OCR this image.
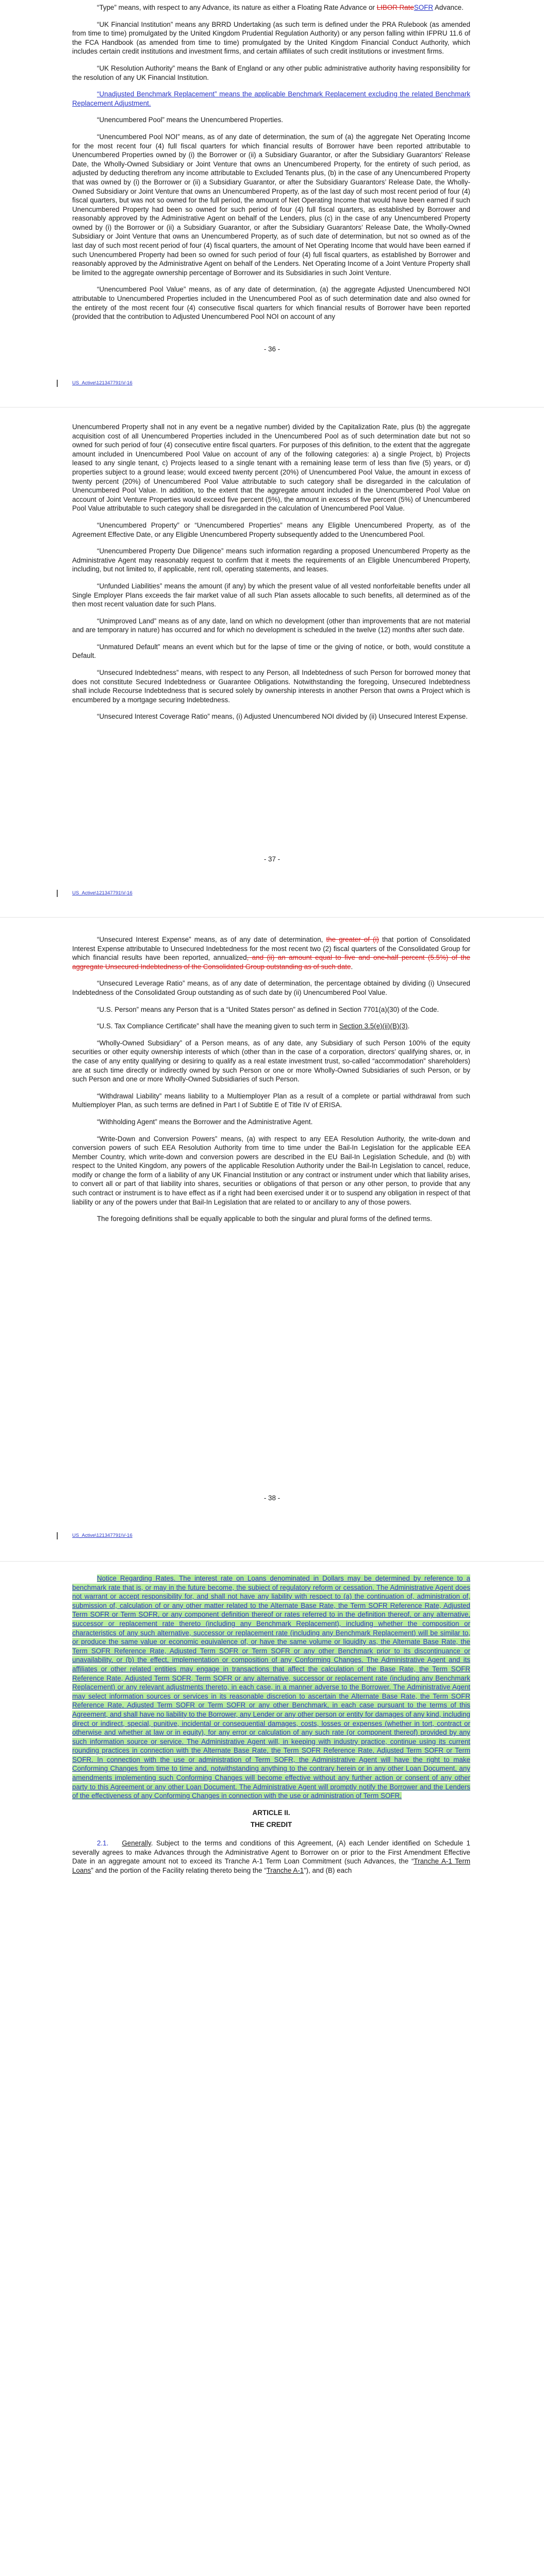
“Type” means, with respect to any Advance, its nature as either a Floating Rate Advance or LIBOR RateSOFR Advance.

“UK Financial Institution” means any BRRD Undertaking (as such term is defined under the PRA Rulebook (as amended from time to time) promulgated by the United Kingdom Prudential Regulation Authority) or any person falling within IFPRU 11.6 of the FCA Handbook (as amended from time to time) promulgated by the United Kingdom Financial Conduct Authority, which includes certain credit institutions and investment firms, and certain affiliates of such credit institutions or investment firms.

“UK Resolution Authority” means the Bank of England or any other public administrative authority having responsibility for the resolution of any UK Financial Institution.

“Unadjusted Benchmark Replacement” means the applicable Benchmark Replacement excluding the related Benchmark Replacement Adjustment.

“Unencumbered Pool” means the Unencumbered Properties.

“Unencumbered Pool NOI” means, as of any date of determination, the sum of (a) the aggregate Net Operating Income for the most recent four (4) full fiscal quarters for which financial results of Borrower have been reported attributable to Unencumbered Properties owned by (i) the Borrower or (ii) a Subsidiary Guarantor, or after the Subsidiary Guarantors’ Release Date, the Wholly-Owned Subsidiary or Joint Venture that owns an Unencumbered Property, for the entirety of such period, as adjusted by deducting therefrom any income attributable to Excluded Tenants plus, (b) in the case of any Unencumbered Property that was owned by (i) the Borrower or (ii) a Subsidiary Guarantor, or after the Subsidiary Guarantors’ Release Date, the Wholly-Owned Subsidiary or Joint Venture that owns an Unencumbered Property, as of the last day of such most recent period of four (4) fiscal quarters, but was not so owned for the full period, the amount of Net Operating Income that would have been earned if such Unencumbered Property had been so owned for such period of four (4) full fiscal quarters, as established by Borrower and reasonably approved by the Administrative Agent on behalf of the Lenders, plus (c) in the case of any Unencumbered Property owned by (i) the Borrower or (ii) a Subsidiary Guarantor, or after the Subsidiary Guarantors’ Release Date, the Wholly-Owned Subsidiary or Joint Venture that owns an Unencumbered Property, as of such date of determination, but not so owned as of the last day of such most recent period of four (4) fiscal quarters, the amount of Net Operating Income that would have been earned if such Unencumbered Property had been so owned for such period of four (4) full fiscal quarters, as established by Borrower and reasonably approved by the Administrative Agent on behalf of the Lenders. Net Operating Income of a Joint Venture Property shall be limited to the aggregate ownership percentage of Borrower and its Subsidiaries in such Joint Venture.

“Unencumbered Pool Value” means, as of any date of determination, (a) the aggregate Adjusted Unencumbered NOI attributable to Unencumbered Properties included in the Unencumbered Pool as of such determination date and also owned for the entirety of the most recent four (4) consecutive fiscal quarters for which financial results of Borrower have been reported (provided that the contribution to Adjusted Unencumbered Pool NOI on account of any

- 36 -
US_Active\121347791\V-16

Unencumbered Property shall not in any event be a negative number) divided by the Capitalization Rate, plus (b) the aggregate acquisition cost of all Unencumbered Properties included in the Unencumbered Pool as of such determination date but not so owned for such period of four (4) consecutive entire fiscal quarters. For purposes of this definition, to the extent that the aggregate amount included in Unencumbered Pool Value on account of any of the following categories: a) a single Project, b) Projects leased to any single tenant, c) Projects leased to a single tenant with a remaining lease term of less than five (5) years, or d) properties subject to a ground lease; would exceed twenty percent (20%) of Unencumbered Pool Value, the amount in excess of twenty percent (20%) of Unencumbered Pool Value attributable to such category shall be disregarded in the calculation of Unencumbered Pool Value. In addition, to the extent that the aggregate amount included in the Unencumbered Pool Value on account of Joint Venture Properties would exceed five percent (5%), the amount in excess of five percent (5%) of Unencumbered Pool Value attributable to such category shall be disregarded in the calculation of Unencumbered Pool Value.

“Unencumbered Property” or “Unencumbered Properties” means any Eligible Unencumbered Property, as of the Agreement Effective Date, or any Eligible Unencumbered Property subsequently added to the Unencumbered Pool.

“Unencumbered Property Due Diligence” means such information regarding a proposed Unencumbered Property as the Administrative Agent may reasonably request to confirm that it meets the requirements of an Eligible Unencumbered Property, including, but not limited to, if applicable, rent roll, operating statements, and leases.

“Unfunded Liabilities” means the amount (if any) by which the present value of all vested nonforfeitable benefits under all Single Employer Plans exceeds the fair market value of all such Plan assets allocable to such benefits, all determined as of the then most recent valuation date for such Plans.

“Unimproved Land” means as of any date, land on which no development (other than improvements that are not material and are temporary in nature) has occurred and for which no development is scheduled in the twelve (12) months after such date.

“Unmatured Default” means an event which but for the lapse of time or the giving of notice, or both, would constitute a Default.

“Unsecured Indebtedness” means, with respect to any Person, all Indebtedness of such Person for borrowed money that does not constitute Secured Indebtedness or Guarantee Obligations. Notwithstanding the foregoing, Unsecured Indebtedness shall include Recourse Indebtedness that is secured solely by ownership interests in another Person that owns a Project which is encumbered by a mortgage securing Indebtedness.

“Unsecured Interest Coverage Ratio” means, (i) Adjusted Unencumbered NOI divided by (ii) Unsecured Interest Expense.

- 37 -
US_Active\121347791\V-16

“Unsecured Interest Expense” means, as of any date of determination, the greater of (i) that portion of Consolidated Interest Expense attributable to Unsecured Indebtedness for the most recent two (2) fiscal quarters of the Consolidated Group for which financial results have been reported, annualized, and (ii) an amount equal to five and one-half percent (5.5%) of the aggregate Unsecured Indebtedness of the Consolidated Group outstanding as of such date.

“Unsecured Leverage Ratio” means, as of any date of determination, the percentage obtained by dividing (i) Unsecured Indebtedness of the Consolidated Group outstanding as of such date by (ii) Unencumbered Pool Value.

“U.S. Person” means any Person that is a “United States person” as defined in Section 7701(a)(30) of the Code.

“U.S. Tax Compliance Certificate” shall have the meaning given to such term in Section 3.5(e)(ii)(B)(3).

“Wholly-Owned Subsidiary” of a Person means, as of any date, any Subsidiary of such Person 100% of the equity securities or other equity ownership interests of which (other than in the case of a corporation, directors’ qualifying shares, or, in the case of any entity qualifying or desiring to qualify as a real estate investment trust, so-called “accommodation” shareholders) are at such time directly or indirectly owned by such Person or one or more Wholly-Owned Subsidiaries of such Person, or by such Person and one or more Wholly-Owned Subsidiaries of such Person.

“Withdrawal Liability” means liability to a Multiemployer Plan as a result of a complete or partial withdrawal from such Multiemployer Plan, as such terms are defined in Part I of Subtitle E of Title IV of ERISA.

“Withholding Agent” means the Borrower and the Administrative Agent.

“Write-Down and Conversion Powers” means, (a) with respect to any EEA Resolution Authority, the write-down and conversion powers of such EEA Resolution Authority from time to time under the Bail-In Legislation for the applicable EEA Member Country, which write-down and conversion powers are described in the EU Bail-In Legislation Schedule, and (b) with respect to the United Kingdom, any powers of the applicable Resolution Authority under the Bail-In Legislation to cancel, reduce, modify or change the form of a liability of any UK Financial Institution or any contract or instrument under which that liability arises, to convert all or part of that liability into shares, securities or obligations of that person or any other person, to provide that any such contract or instrument is to have effect as if a right had been exercised under it or to suspend any obligation in respect of that liability or any of the powers under that Bail-In Legislation that are related to or ancillary to any of those powers.

The foregoing definitions shall be equally applicable to both the singular and plural forms of the defined terms.

- 38 -
US_Active\121347791\V-16

Notice Regarding Rates. The interest rate on Loans denominated in Dollars may be determined by reference to a benchmark rate that is, or may in the future become, the subject of regulatory reform or cessation. The Administrative Agent does not warrant or accept responsibility for, and shall not have any liability with respect to (a) the continuation of, administration of, submission of, calculation of or any other matter related to the Alternate Base Rate, the Term SOFR Reference Rate, Adjusted Term SOFR or Term SOFR, or any component definition thereof or rates referred to in the definition thereof, or any alternative, successor or replacement rate thereto (including any Benchmark Replacement), including whether the composition or characteristics of any such alternative, successor or replacement rate (including any Benchmark Replacement) will be similar to, or produce the same value or economic equivalence of, or have the same volume or liquidity as, the Alternate Base Rate, the Term SOFR Reference Rate, Adjusted Term SOFR or Term SOFR or any other Benchmark prior to its discontinuance or unavailability, or (b) the effect, implementation or composition of any Conforming Changes. The Administrative Agent and its affiliates or other related entities may engage in transactions that affect the calculation of the Base Rate, the Term SOFR Reference Rate, Adjusted Term SOFR, Term SOFR or any alternative, successor or replacement rate (including any Benchmark Replacement) or any relevant adjustments thereto, in each case, in a manner adverse to the Borrower. The Administrative Agent may select information sources or services in its reasonable discretion to ascertain the Alternate Base Rate, the Term SOFR Reference Rate, Adjusted Term SOFR or Term SOFR or any other Benchmark, in each case pursuant to the terms of this Agreement, and shall have no liability to the Borrower, any Lender or any other person or entity for damages of any kind, including direct or indirect, special, punitive, incidental or consequential damages, costs, losses or expenses (whether in tort, contract or otherwise and whether at law or in equity), for any error or calculation of any such rate (or component thereof) provided by any such information source or service. The Administrative Agent will, in keeping with industry practice, continue using its current rounding practices in connection with the Alternate Base Rate, the Term SOFR Reference Rate, Adjusted Term SOFR or Term SOFR. In connection with the use or administration of Term SOFR, the Administrative Agent will have the right to make Conforming Changes from time to time and, notwithstanding anything to the contrary herein or in any other Loan Document, any amendments implementing such Conforming Changes will become effective without any further action or consent of any other party to this Agreement or any other Loan Document. The Administrative Agent will promptly notify the Borrower and the Lenders of the effectiveness of any Conforming Changes in connection with the use or administration of Term SOFR.

ARTICLE II.

THE CREDIT

2.1. Generally. Subject to the terms and conditions of this Agreement, (A) each Lender identified on Schedule 1 severally agrees to make Advances through the Administrative Agent to Borrower on or prior to the First Amendment Effective Date in an aggregate amount not to exceed its Tranche A-1 Term Loan Commitment (such Advances, the “Tranche A-1 Term Loans” and the portion of the Facility relating thereto being the “Tranche A-1”), and (B) each
